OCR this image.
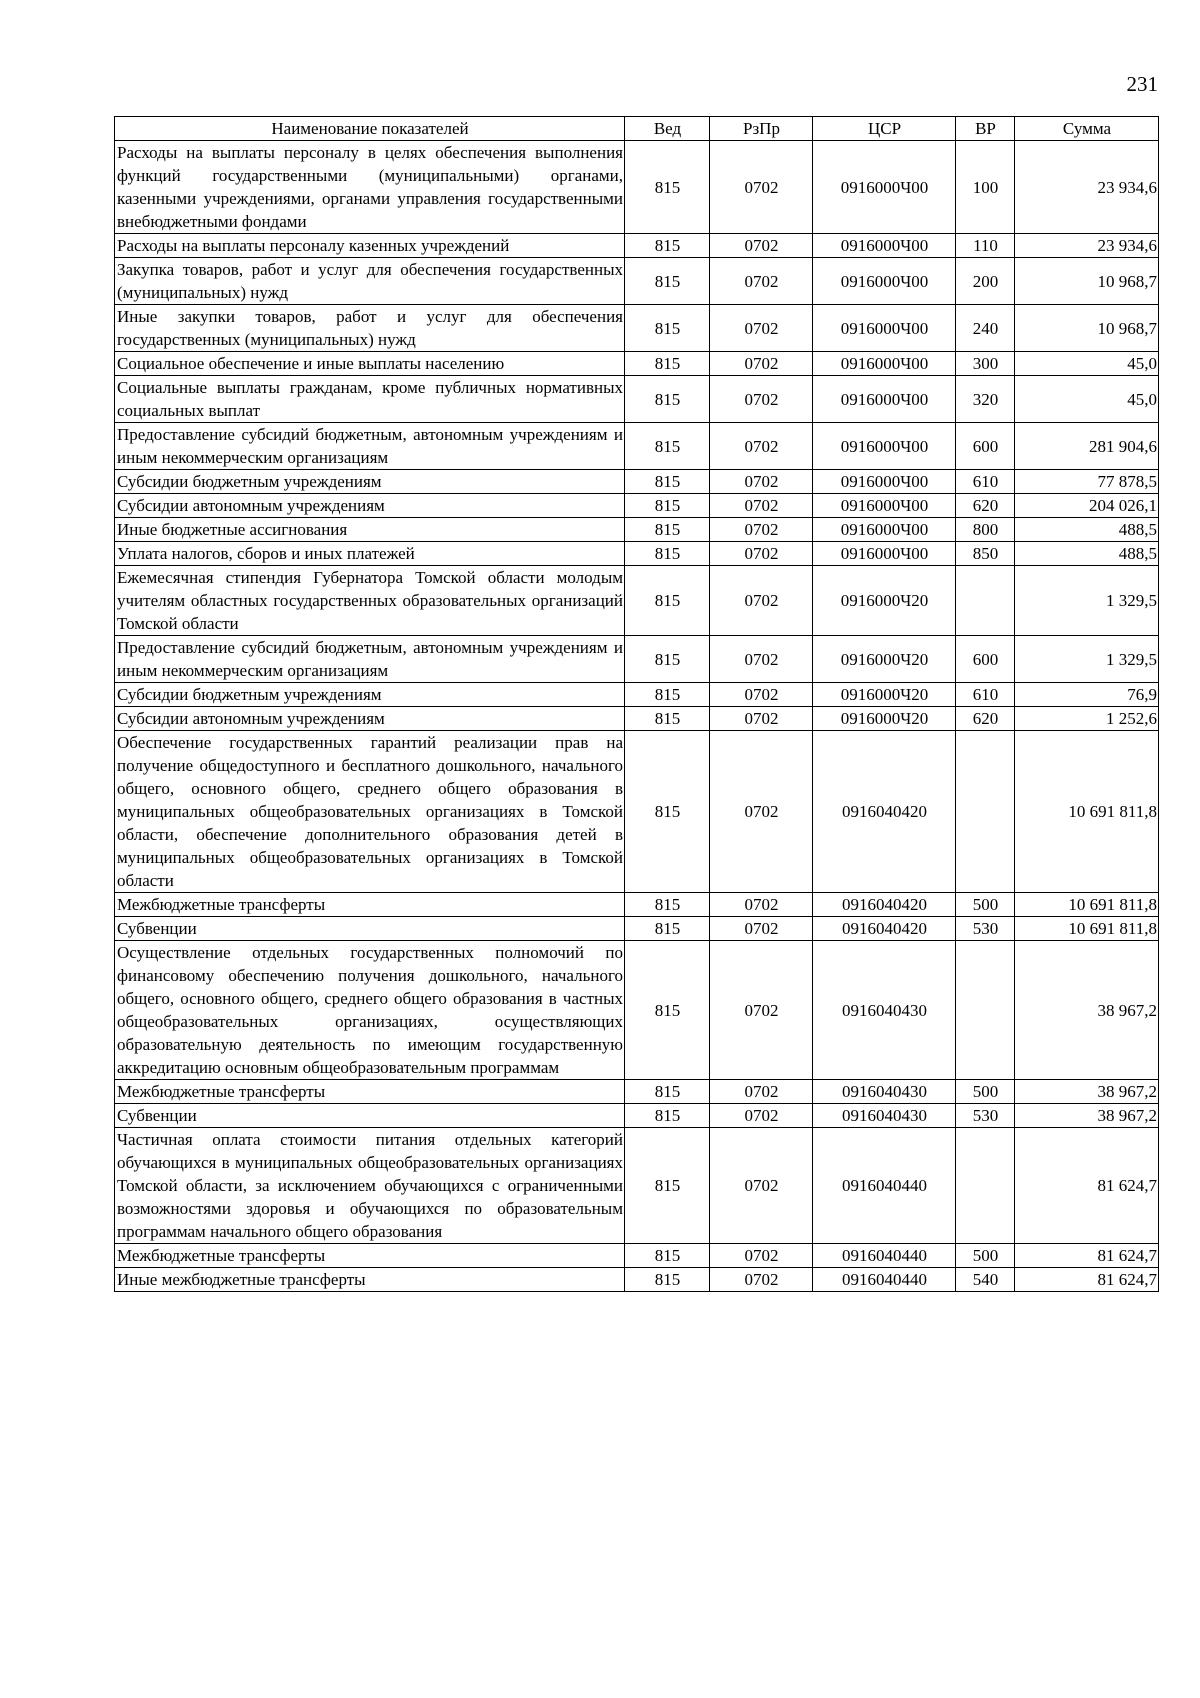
231
Наименование показателей	Вед	РзПр	ЦСР	ВР	Сумма
Расходы на выплаты персоналу в целях обеспечения выполнения функций государственными (муниципальными) органами, казенными учреждениями, органами управления государственными внебюджетными фондами	815	0702	0916000Ч00	100	23 934,6
Расходы на выплаты персоналу казенных учреждений	815	0702	0916000Ч00	110	23 934,6
Закупка товаров, работ и услуг для обеспечения государственных (муниципальных) нужд	815	0702	0916000Ч00	200	10 968,7
Иные закупки товаров, работ и услуг для обеспечения государственных (муниципальных) нужд	815	0702	0916000Ч00	240	10 968,7
Социальное обеспечение и иные выплаты населению	815	0702	0916000Ч00	300	45,0
Социальные выплаты гражданам, кроме публичных нормативных социальных выплат	815	0702	0916000Ч00	320	45,0
Предоставление субсидий бюджетным, автономным учреждениям и иным некоммерческим организациям	815	0702	0916000Ч00	600	281 904,6
Субсидии бюджетным учреждениям	815	0702	0916000Ч00	610	77 878,5
Субсидии автономным учреждениям	815	0702	0916000Ч00	620	204 026,1
Иные бюджетные ассигнования	815	0702	0916000Ч00	800	488,5
Уплата налогов, сборов и иных платежей	815	0702	0916000Ч00	850	488,5
Ежемесячная стипендия Губернатора Томской области молодым учителям областных государственных образовательных организаций Томской области	815	0702	0916000Ч20		1 329,5
Предоставление субсидий бюджетным, автономным учреждениям и иным некоммерческим организациям	815	0702	0916000Ч20	600	1 329,5
Субсидии бюджетным учреждениям	815	0702	0916000Ч20	610	76,9
Субсидии автономным учреждениям	815	0702	0916000Ч20	620	1 252,6
Обеспечение государственных гарантий реализации прав на получение общедоступного и бесплатного дошкольного, начального общего, основного общего, среднего общего образования в муниципальных общеобразовательных организациях в Томской области, обеспечение дополнительного образования детей в муниципальных общеобразовательных организациях в Томской области	815	0702	0916040420		10 691 811,8
Межбюджетные трансферты	815	0702	0916040420	500	10 691 811,8
Субвенции	815	0702	0916040420	530	10 691 811,8
Осуществление отдельных государственных полномочий по финансовому обеспечению получения дошкольного, начального общего, основного общего, среднего общего образования в частных общеобразовательных организациях, осуществляющих образовательную деятельность по имеющим государственную аккредитацию основным общеобразовательным программам	815	0702	0916040430		38 967,2
Межбюджетные трансферты	815	0702	0916040430	500	38 967,2
Субвенции	815	0702	0916040430	530	38 967,2
Частичная оплата стоимости питания отдельных категорий обучающихся в муниципальных общеобразовательных организациях Томской области, за исключением обучающихся с ограниченными возможностями здоровья и обучающихся по образовательным программам начального общего образования	815	0702	0916040440		81 624,7
Межбюджетные трансферты	815	0702	0916040440	500	81 624,7
Иные межбюджетные трансферты	815	0702	0916040440	540	81 624,7
